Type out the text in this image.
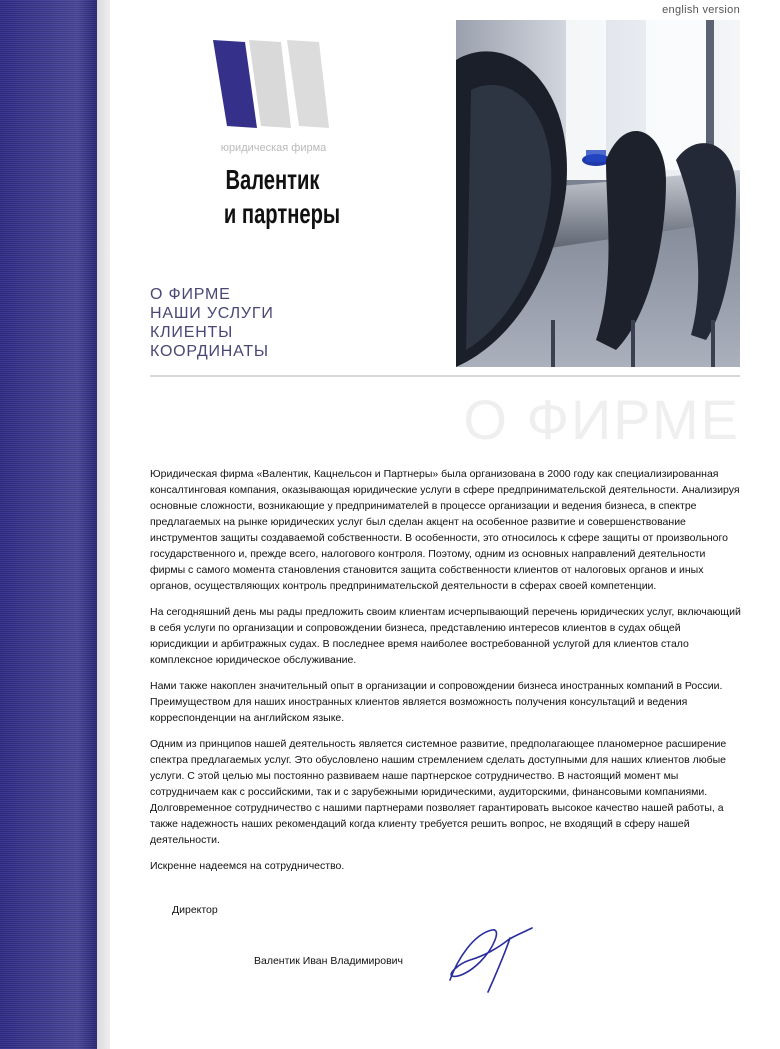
english version
юридическая фирма
Валентик
и партнеры
О ФИРМЕ
НАШИ УСЛУГИ
КЛИЕНТЫ
КООРДИНАТЫ
О ФИРМЕ

Юридическая фирма «Валентик, Кацнельсон и Партнеры» была организована в 2000 году как специализированная консалтинговая компания, оказывающая юридические услуги в сфере предпринимательской деятельности. Анализируя основные сложности, возникающие у предпринимателей в процессе организации и ведения бизнеса, в спектре предлагаемых на рынке юридических услуг был сделан акцент на особенное развитие и совершенствование инструментов защиты создаваемой собственности. В особенности, это относилось к сфере защиты от произвольного государственного и, прежде всего, налогового контроля. Поэтому, одним из основных направлений деятельности фирмы с самого момента становления становится защита собственности клиентов от налоговых органов и иных органов, осуществляющих контроль предпринимательской деятельности в сферах своей компетенции.

На сегодняшний день мы рады предложить своим клиентам исчерпывающий перечень юридических услуг, включающий в себя услуги по организации и сопровождении бизнеса, представлению интересов клиентов в судах общей юрисдикции и арбитражных судах. В последнее время наиболее востребованной услугой для клиентов стало комплексное юридическое обслуживание.

Нами также накоплен значительный опыт в организации и сопровождении бизнеса иностранных компаний в России. Преимуществом для наших иностранных клиентов является возможность получения консультаций и ведения корреспонденции на английском языке.

Одним из принципов нашей деятельность является системное развитие, предполагающее планомерное расширение спектра предлагаемых услуг. Это обусловлено нашим стремлением сделать доступными для наших клиентов любые услуги. С этой целью мы постоянно развиваем наше партнерское сотрудничество. В настоящий момент мы сотрудничаем как с российскими, так и с зарубежными юридическими, аудиторскими, финансовыми компаниями. Долговременное сотрудничество с нашими партнерами позволяет гарантировать высокое качество нашей работы, а также надежность наших рекомендаций когда клиенту требуется решить вопрос, не входящий в сферу нашей деятельности.

Искренне надеемся на сотрудничество.

Директор
Валентик Иван Владимирович
